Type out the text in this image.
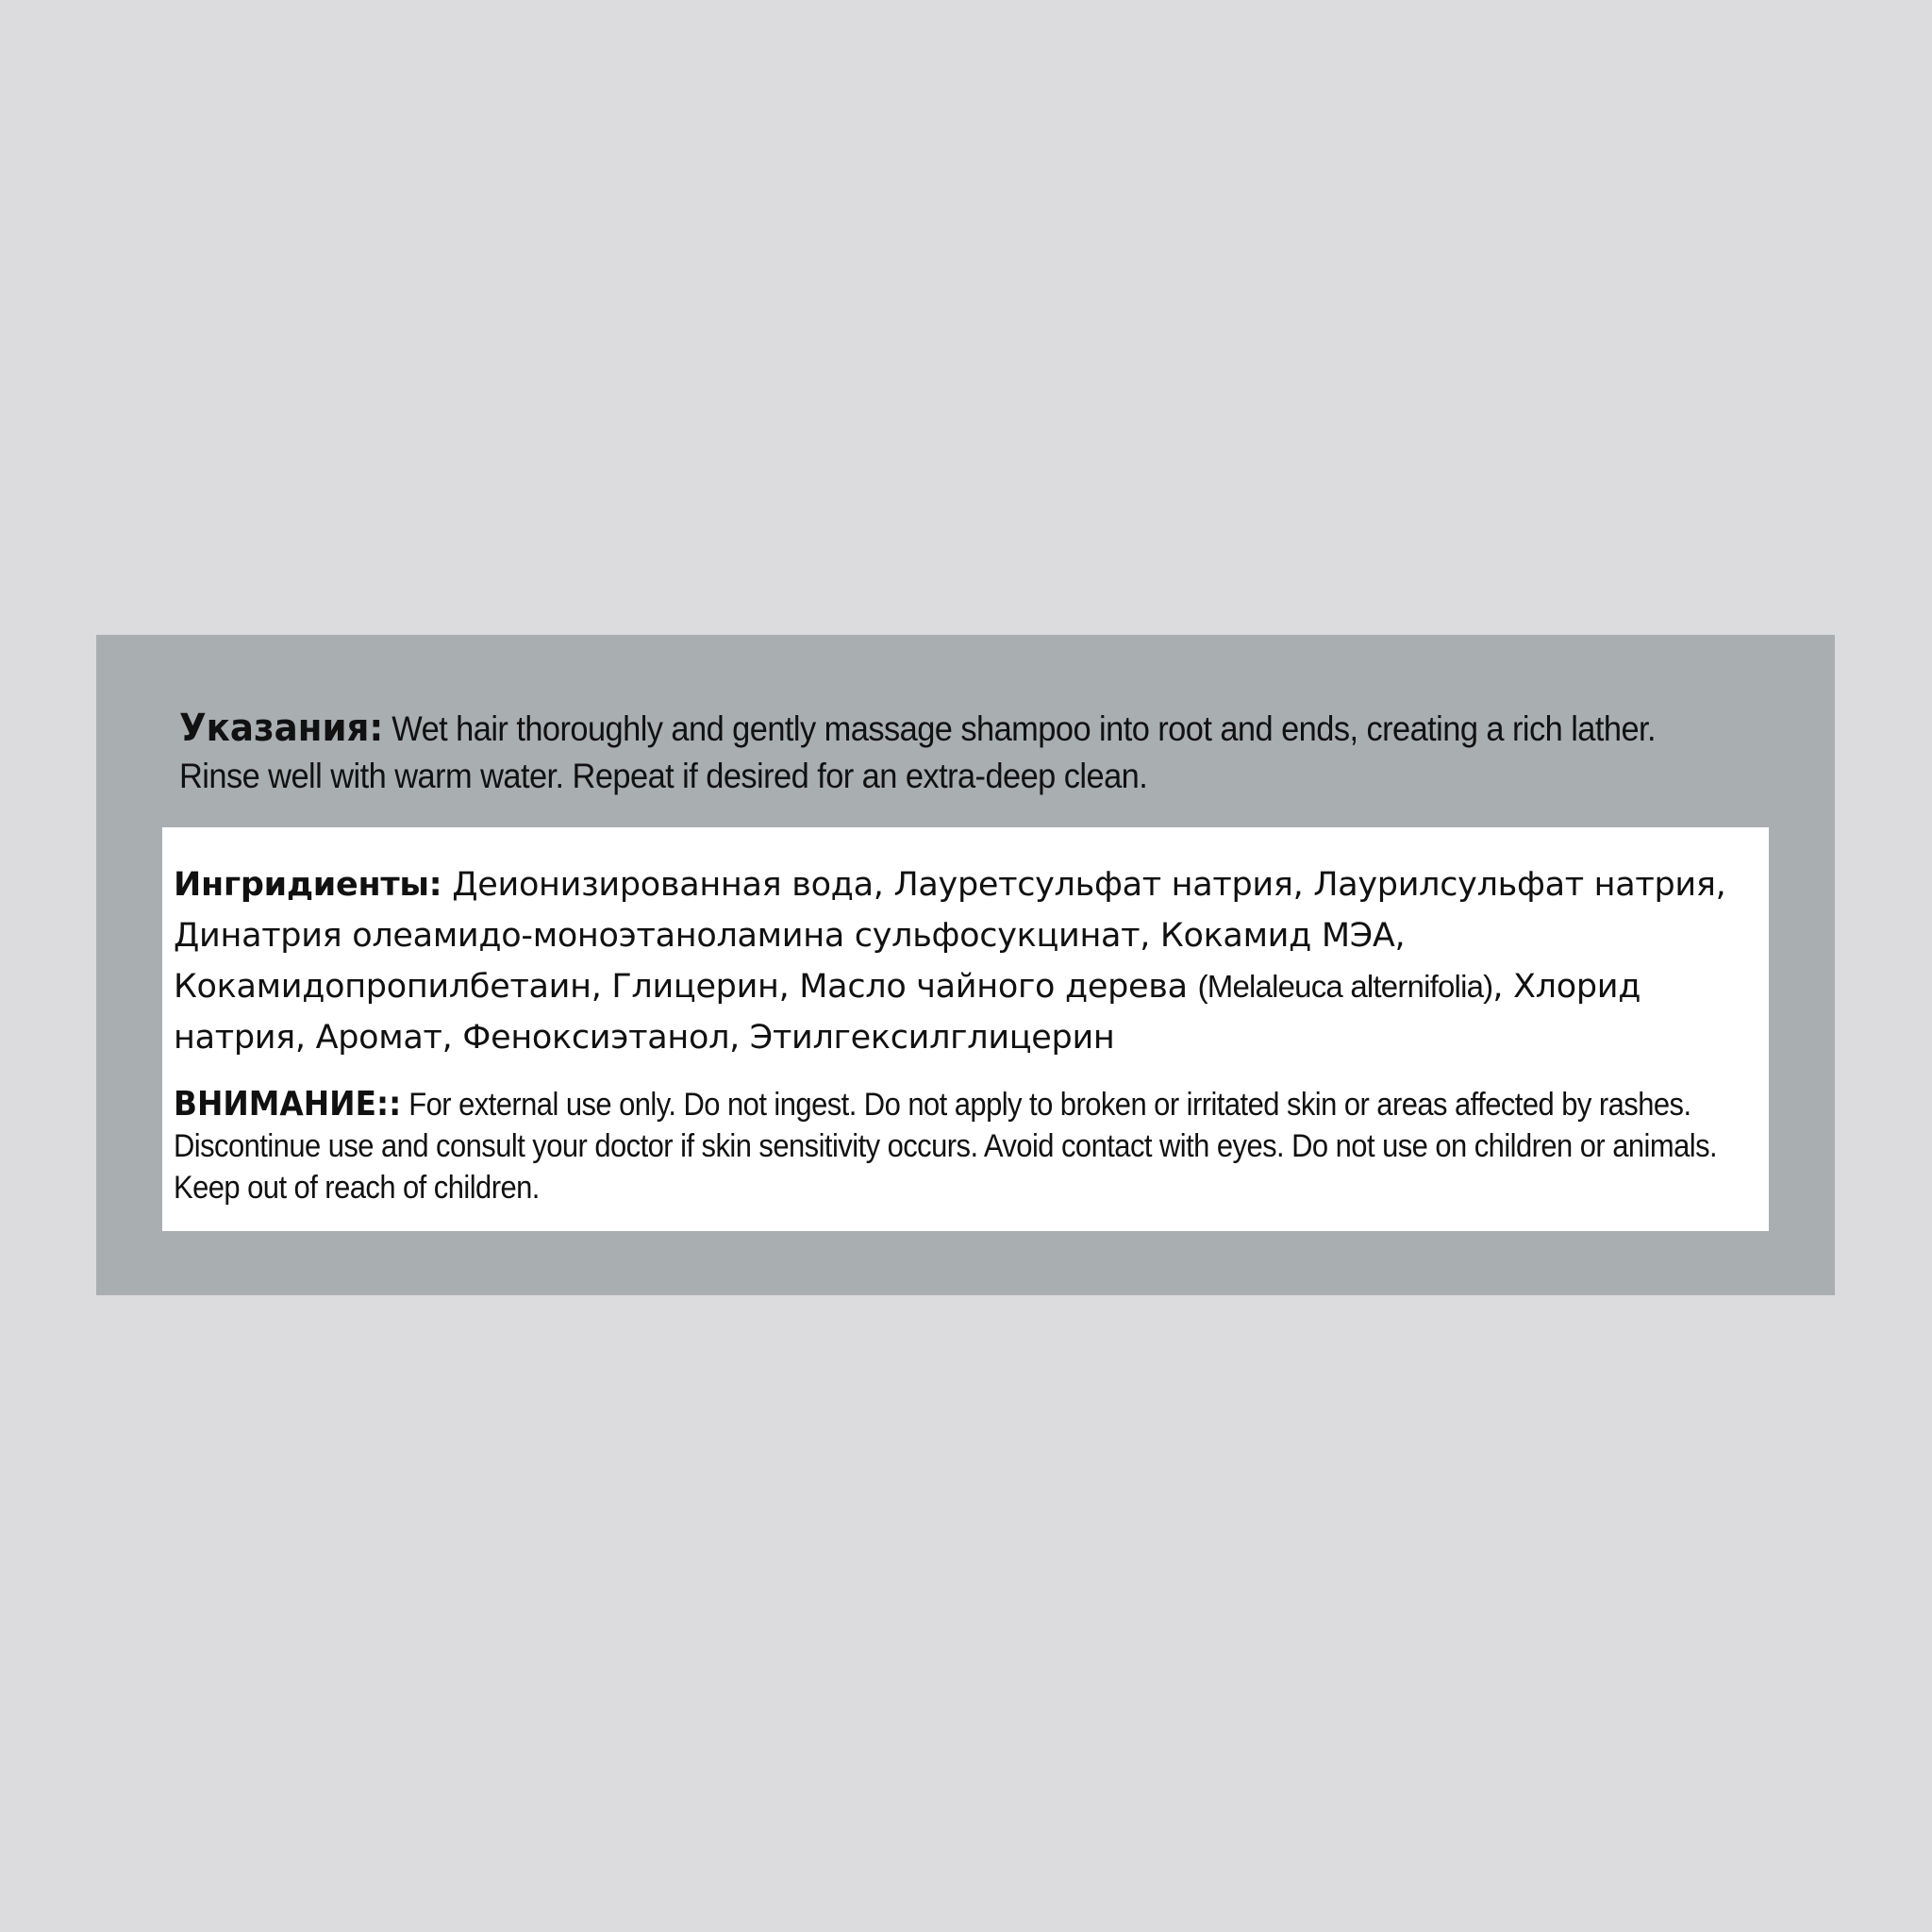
Указания: Wet hair thoroughly and gently massage shampoo into root and ends, creating a rich lather. Rinse well with warm water. Repeat if desired for an extra-deep clean.
Ингридиенты: Деионизированная вода, Лауретсульфат натрия, Лаурилсульфат натрия, Динатрия олеамидо-моноэтаноламина сульфосукцинат, Кокамид МЭА, Кокамидопропилбетаин, Глицерин, Масло чайного дерева (Melaleuca alternifolia), Хлорид натрия, Аромат, Феноксиэтанол, Этилгексилглицерин
ВНИМАНИЕ:: For external use only. Do not ingest. Do not apply to broken or irritated skin or areas affected by rashes. Discontinue use and consult your doctor if skin sensitivity occurs. Avoid contact with eyes. Do not use on children or animals. Keep out of reach of children.
